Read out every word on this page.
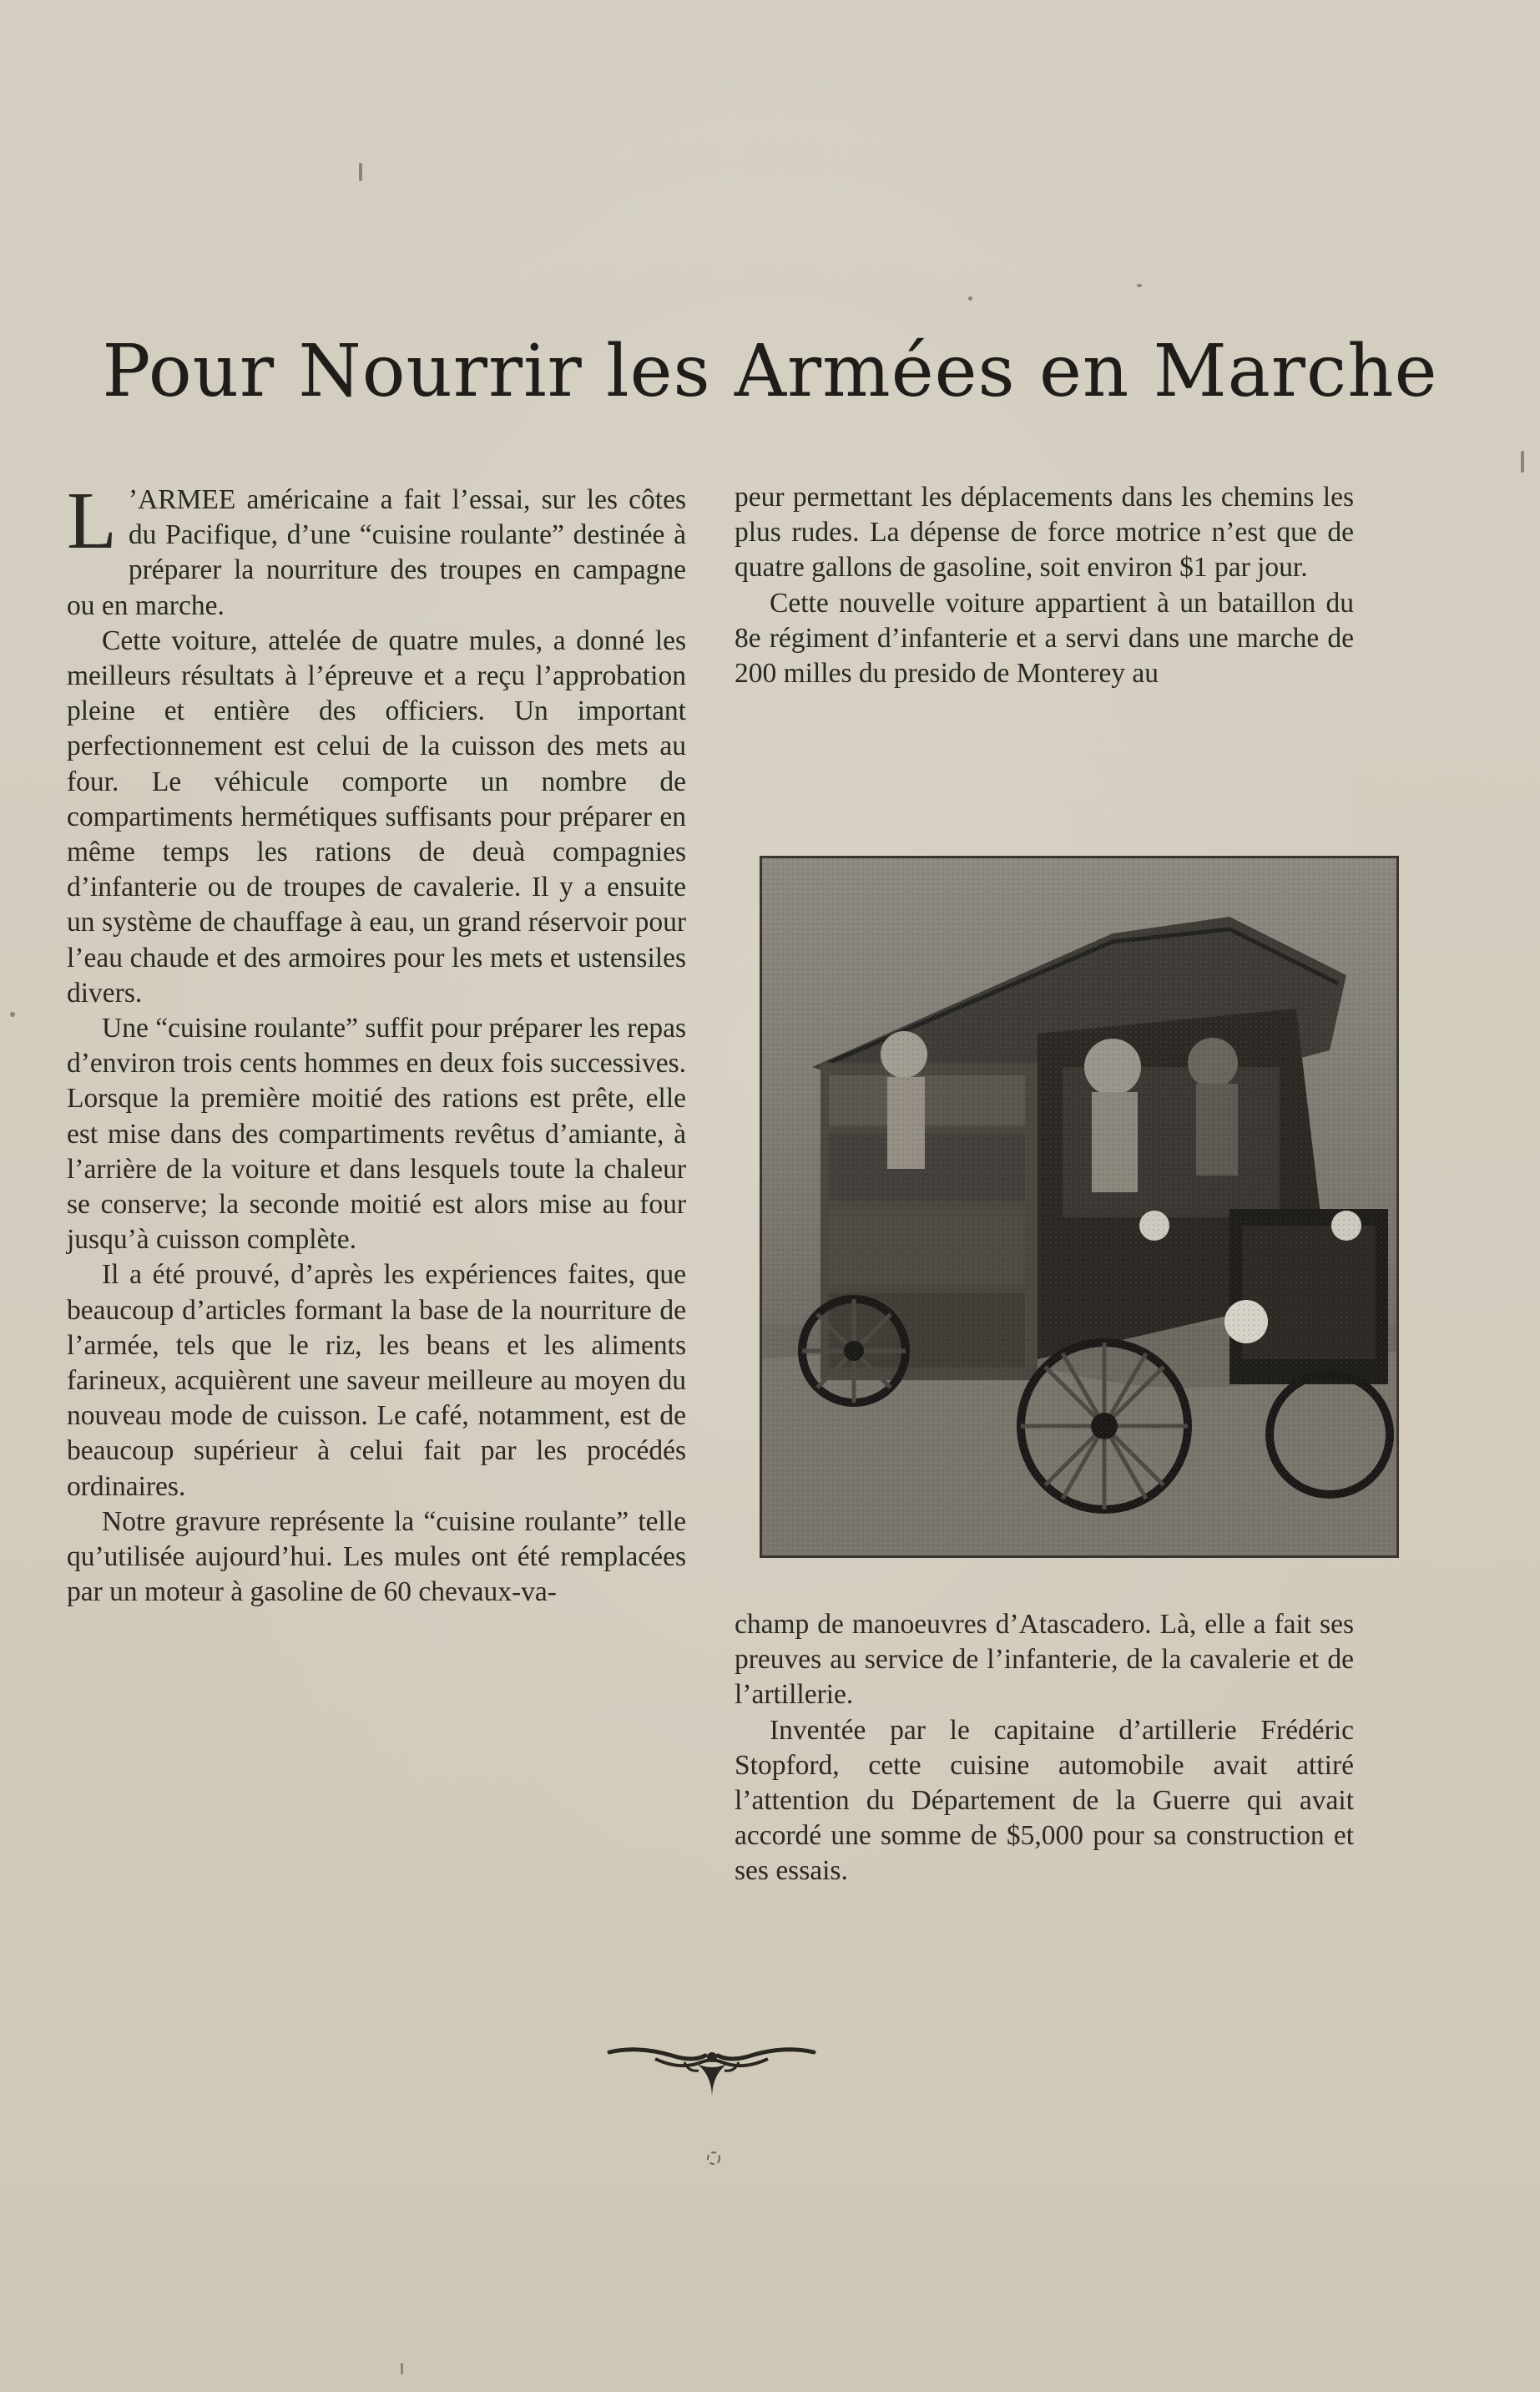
Pour Nourrir les Armées en Marche

L ’ARMEE américaine a fait l’essai, sur les côtes du Pacifique, d’une “cuisine roulante” destinée à préparer la nourriture des troupes en campagne ou en marche.

Cette voiture, attelée de quatre mules, a donné les meilleurs résultats à l’épreuve et a reçu l’approbation pleine et entière des officiers. Un important perfectionnement est celui de la cuisson des mets au four. Le véhicule comporte un nombre de compartiments hermétiques suffisants pour préparer en même temps les rations de deuà compagnies d’infanterie ou de troupes de cavalerie. Il y a ensuite un système de chauffage à eau, un grand réservoir pour l’eau chaude et des armoires pour les mets et ustensiles divers.

Une “cuisine roulante” suffit pour préparer les repas d’environ trois cents hommes en deux fois successives. Lorsque la première moitié des rations est prête, elle est mise dans des compartiments revêtus d’amiante, à l’arrière de la voiture et dans lesquels toute la chaleur se conserve; la seconde moitié est alors mise au four jusqu’à cuisson complète.

Il a été prouvé, d’après les expériences faites, que beaucoup d’articles formant la base de la nourriture de l’armée, tels que le riz, les beans et les aliments farineux, acquièrent une saveur meilleure au moyen du nouveau mode de cuisson. Le café, notamment, est de beaucoup supérieur à celui fait par les procédés ordinaires.

Notre gravure représente la “cuisine roulante” telle qu’utilisée aujourd’hui. Les mules ont été remplacées par un moteur à gasoline de 60 chevaux-va-

peur permettant les déplacements dans les chemins les plus rudes. La dépense de force motrice n’est que de quatre gallons de gasoline, soit environ $1 par jour.

Cette nouvelle voiture appartient à un bataillon du 8e régiment d’infanterie et a servi dans une marche de 200 milles du presido de Monterey au

champ de manoeuvres d’Atascadero. Là, elle a fait ses preuves au service de l’infanterie, de la cavalerie et de l’artillerie.

Inventée par le capitaine d’artillerie Frédéric Stopford, cette cuisine automobile avait attiré l’attention du Département de la Guerre qui avait accordé une somme de $5,000 pour sa construction et ses essais.
